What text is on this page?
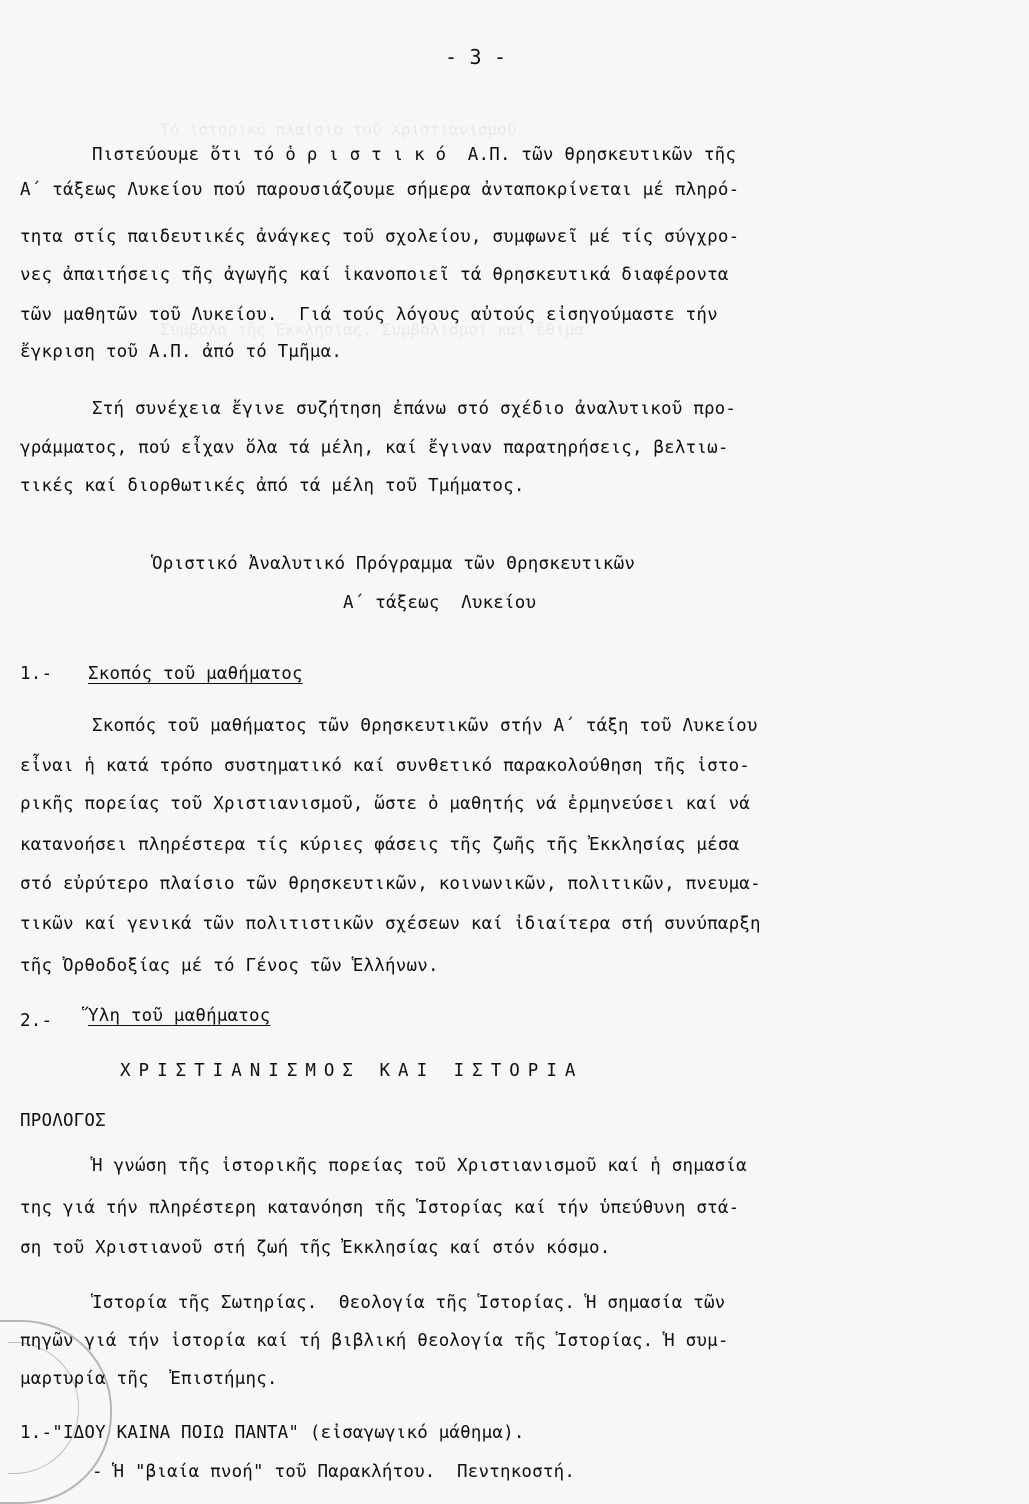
Τό ἱστορικό πλαίσιο τοῦ Χριστιανισμοῦ
Σύμβολα τῆς Ἐκκλησίας. Συμβολισμοί καί ἔθιμα
- 3 -
Πιστεύουμε ὅτι τό ὁ ρ ι σ τ ι κ ό  Α.Π. τῶν θρησκευτικῶν τῆς
Α΄ τάξεως Λυκείου πού παρουσιάζουμε σήμερα ἀνταποκρίνεται μέ πληρό-
τητα στίς παιδευτικές ἀνάγκες τοῦ σχολείου, συμφωνεῖ μέ τίς σύγχρο-
νες ἀπαιτήσεις τῆς ἀγωγῆς καί ἱκανοποιεῖ τά θρησκευτικά διαφέροντα
τῶν μαθητῶν τοῦ Λυκείου.  Γιά τούς λόγους αὐτούς εἰσηγούμαστε τήν
ἔγκριση τοῦ Α.Π. ἀπό τό Τμῆμα.
Στή συνέχεια ἔγινε συζήτηση ἐπάνω στό σχέδιο ἀναλυτικοῦ προ-
γράμματος, πού εἶχαν ὅλα τά μέλη, καί ἔγιναν παρατηρήσεις, βελτιω-
τικές καί διορθωτικές ἀπό τά μέλη τοῦ Τμήματος.
Ὁριστικό Ἀναλυτικό Πρόγραμμα τῶν Θρησκευτικῶν
Α΄ τάξεως  Λυκείου
1.- Σκοπός τοῦ μαθήματος
Σκοπός τοῦ μαθήματος τῶν Θρησκευτικῶν στήν Α΄ τάξη τοῦ Λυκείου
εἶναι ἡ κατά τρόπο συστηματικό καί συνθετικό παρακολούθηση τῆς ἱστο-
ρικῆς πορείας τοῦ Χριστιανισμοῦ, ὥστε ὁ μαθητής νά ἑρμηνεύσει καί νά
κατανοήσει πληρέστερα τίς κύριες φάσεις τῆς ζωῆς τῆς Ἐκκλησίας μέσα
στό εὐρύτερο πλαίσιο τῶν θρησκευτικῶν, κοινωνικῶν, πολιτικῶν, πνευμα-
τικῶν καί γενικά τῶν πολιτιστικῶν σχέσεων καί ἰδιαίτερα στή συνύπαρξη
τῆς Ὀρθοδοξίας μέ τό Γένος τῶν Ἑλλήνων.
2.- Ὕλη τοῦ μαθήματος
ΧΡΙΣΤΙΑΝΙΣΜΟΣ ΚΑΙ ΙΣΤΟΡΙΑ
ΠΡΟΛΟΓΟΣ
Ἡ γνώση τῆς ἱστορικῆς πορείας τοῦ Χριστιανισμοῦ καί ἡ σημασία
της γιά τήν πληρέστερη κατανόηση τῆς Ἱστορίας καί τήν ὑπεύθυνη στά-
ση τοῦ Χριστιανοῦ στή ζωή τῆς Ἐκκλησίας καί στόν κόσμο.
Ἱστορία τῆς Σωτηρίας.  Θεολογία τῆς Ἱστορίας. Ἡ σημασία τῶν
πηγῶν γιά τήν ἱστορία καί τή βιβλική θεολογία τῆς Ἱστορίας. Ἡ συμ-
μαρτυρία τῆς  Ἐπιστήμης.
1.-"ΙΔΟΥ ΚΑΙΝΑ ΠΟΙΩ ΠΑΝΤΑ" (εἰσαγωγικό μάθημα).
- Ἡ "βιαία πνοή" τοῦ Παρακλήτου.  Πεντηκοστή.
